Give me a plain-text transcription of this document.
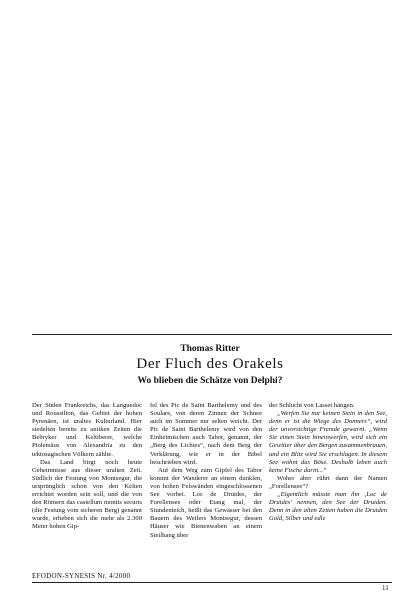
Thomas Ritter
Der Fluch des Orakels
Wo blieben die Schätze von Delphi?

Der Süden Frankreichs, das Languedoc und Roussilion, das Gebiet der hohen Pyrenäen, ist uraltes Kulturland. Hier siedelten bereits zu antiken Zeiten die Bebryker und Keltiberer, welche Ptolemäus von Alexandria zu den tektosagischen Völkern zählte.

Das Land birgt noch heute Geheimnisse aus dieser uralten Zeit. Südlich der Festung von Montsegur, die ursprünglich schon von den Kelten errichtet worden sein soll, und die von den Römern das castellum montis securis (die Festung vom sicheren Berg) genannt wurde, erheben sich die mehr als 2.300 Meter hohen Gip-

fel des Pic de Saint Barthelemy und des Soulare, von deren Zinnen der Schnee auch im Sommer nur selten weicht. Der Pic de Saint Barthelemy wird von den Einheimischen auch Tabor, genannt, der „Berg des Lichtes“, nach dem Berg der Verklärung, wie er in der Bibel beschrieben wird.

Auf dem Weg zum Gipfel des Tabor kommt der Wanderer an einem dunklen, von hohen Felswänden eingeschlossenen See vorbei. Loc de Druides, der Forellensee oder Etang mal, der Stundenteich, heißt das Gewässer bei den Bauern des Weilers Montsegur, dessen Häuser wie Bienenwaben an einem Steilhang über

der Schlucht von Lasset hängen.

„Werfen Sie nur keinen Stein in den See, denn er ist die Wiege des Donners“, wird der unvorsichtige Fremde gewarnt. „Wenn Sie einen Stein hineinwerfen, wird sich ein Gewitter über den Bergen zusammenbrauen, und ein Blitz wird Sie erschlagen. In diesem See wohnt das Böse. Deshalb leben auch keine Fische darin...“

Woher aber rührt dann der Namen „Forellensee“?

„Eigentlich müsste man ihn ‚Loc de Druides‘ nennen, den See der Druiden. Denn in den alten Zeiten haben die Druiden Gold, Silber und edle

EFODON-SYNESIS Nr. 4/2000
11
